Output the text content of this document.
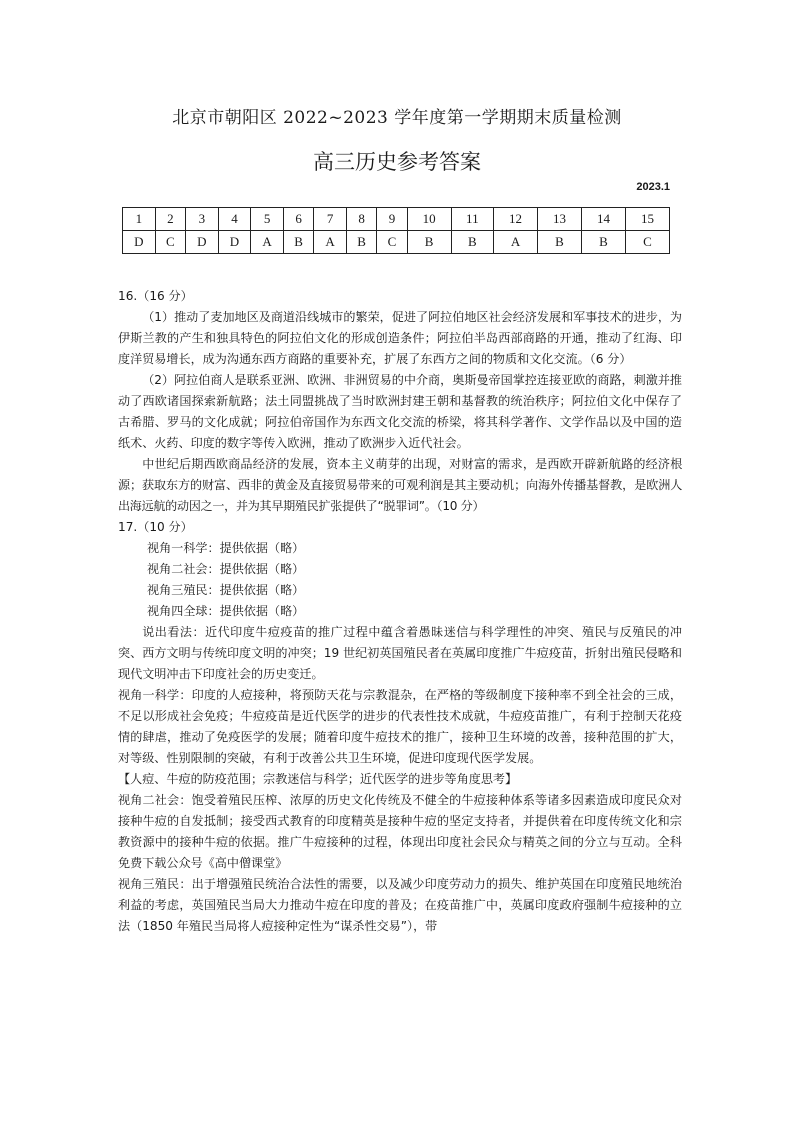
北京市朝阳区 2022~2023 学年度第一学期期末质量检测
高三历史参考答案
2023.1
1	2	3	4	5	6	7	8	9	10	11	12	13	14	15
D	C	D	D	A	B	A	B	C	B	B	A	B	B	C

16.（16 分）

（1）推动了麦加地区及商道沿线城市的繁荣，促进了阿拉伯地区社会经济发展和军事技术的进步，为伊斯兰教的产生和独具特色的阿拉伯文化的形成创造条件；阿拉伯半岛西部商路的开通，推动了红海、印度洋贸易增长，成为沟通东西方商路的重要补充，扩展了东西方之间的物质和文化交流。（6 分）

（2）阿拉伯商人是联系亚洲、欧洲、非洲贸易的中介商，奥斯曼帝国掌控连接亚欧的商路，刺激并推动了西欧诸国探索新航路；法土同盟挑战了当时欧洲封建王朝和基督教的统治秩序；阿拉伯文化中保存了古希腊、罗马的文化成就；阿拉伯帝国作为东西文化交流的桥梁，将其科学著作、文学作品以及中国的造纸术、火药、印度的数字等传入欧洲，推动了欧洲步入近代社会。

中世纪后期西欧商品经济的发展，资本主义萌芽的出现，对财富的需求，是西欧开辟新航路的经济根源；获取东方的财富、西非的黄金及直接贸易带来的可观利润是其主要动机；向海外传播基督教，是欧洲人出海远航的动因之一，并为其早期殖民扩张提供了“脱罪词”。（10 分）

17.（10 分）

视角一科学：提供依据（略）

视角二社会：提供依据（略）

视角三殖民：提供依据（略）

视角四全球：提供依据（略）

说出看法：近代印度牛痘疫苗的推广过程中蕴含着愚昧迷信与科学理性的冲突、殖民与反殖民的冲突、西方文明与传统印度文明的冲突；19 世纪初英国殖民者在英属印度推广牛痘疫苗，折射出殖民侵略和现代文明冲击下印度社会的历史变迁。

视角一科学：印度的人痘接种，将预防天花与宗教混杂，在严格的等级制度下接种率不到全社会的三成，不足以形成社会免疫；牛痘疫苗是近代医学的进步的代表性技术成就，牛痘疫苗推广，有利于控制天花疫情的肆虐，推动了免疫医学的发展；随着印度牛痘技术的推广，接种卫生环境的改善，接种范围的扩大，对等级、性别限制的突破，有利于改善公共卫生环境，促进印度现代医学发展。

【人痘、牛痘的防疫范围；宗教迷信与科学；近代医学的进步等角度思考】

视角二社会：饱受着殖民压榨、浓厚的历史文化传统及不健全的牛痘接种体系等诸多因素造成印度民众对接种牛痘的自发抵制；接受西式教育的印度精英是接种牛痘的坚定支持者，并提供着在印度传统文化和宗教资源中的接种牛痘的依据。推广牛痘接种的过程，体现出印度社会民众与精英之间的分立与互动。全科免费下载公众号《高中僧课堂》

视角三殖民：出于增强殖民统治合法性的需要，以及减少印度劳动力的损失、维护英国在印度殖民地统治利益的考虑，英国殖民当局大力推动牛痘在印度的普及；在疫苗推广中，英属印度政府强制牛痘接种的立法（1850 年殖民当局将人痘接种定性为“谋杀性交易”），带
